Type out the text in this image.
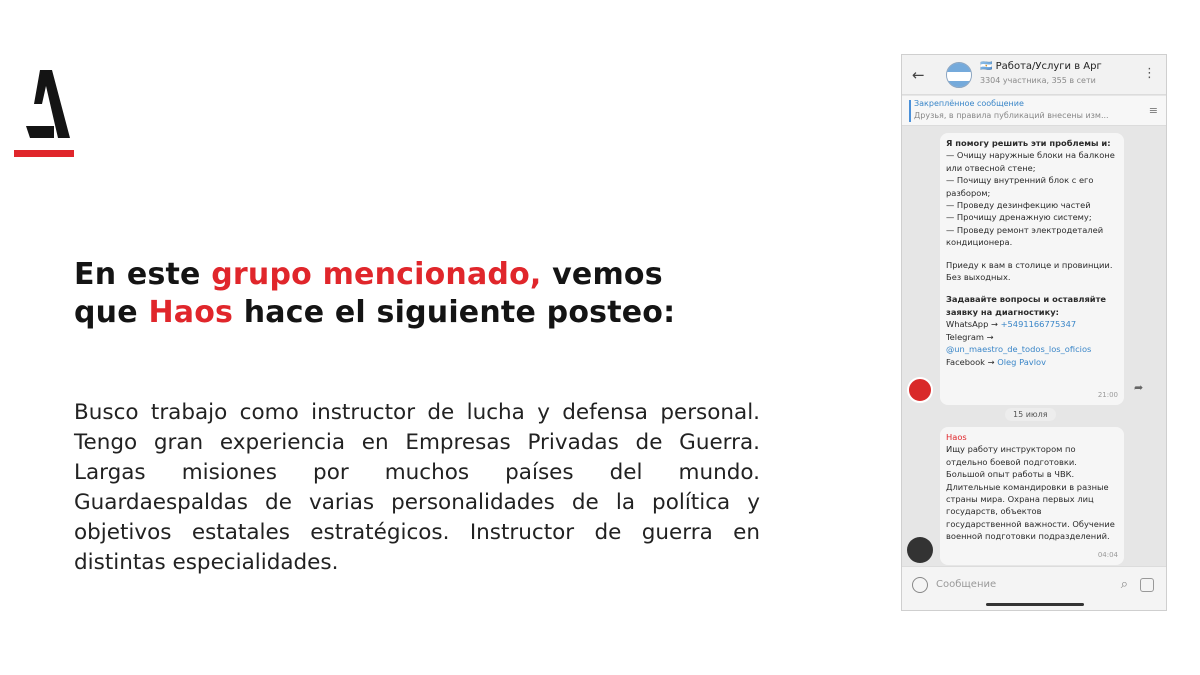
En este grupo mencionado, vemos
que Haos hace el siguiente posteo:

Busco trabajo como instructor de lucha y defensa personal. Tengo gran experiencia en Empresas Privadas de Guerra. Largas misiones por muchos países del mundo. Guardaespaldas de varias personalidades de la política y objetivos estatales estratégicos. Instructor de guerra en distintas especialidades.

←	🇦🇷 Работа/Услуги в Арг
3304 участника, 355 в сети	⋮
Закреплённое сообщение
Друзья, в правила публикаций внесены изм...	≡
Я помогу решить эти проблемы и:
— Очищу наружные блоки на балконе или отвесной стене;
— Почищу внутренний блок с его разбором;
— Проведу дезинфекцию частей
— Прочищу дренажную систему;
— Проведу ремонт электродеталей кондиционера.
Приеду к вам в столице и провинции. Без выходных.
Задавайте вопросы и оставляйте заявку на диагностику:
WhatsApp → +5491166775347
Telegram → @un_maestro_de_todos_los_oficios
Facebook → Oleg Pavlov
21:00
➦
15 июля
Haos
Ищу работу инструктором по отдельно боевой подготовки. Большой опыт работы в ЧВК. Длительные командировки в разные страны мира. Охрана первых лиц государств, объектов государственной важности. Обучение военной подготовки подразделений.
04:04
Сообщение	⌕
